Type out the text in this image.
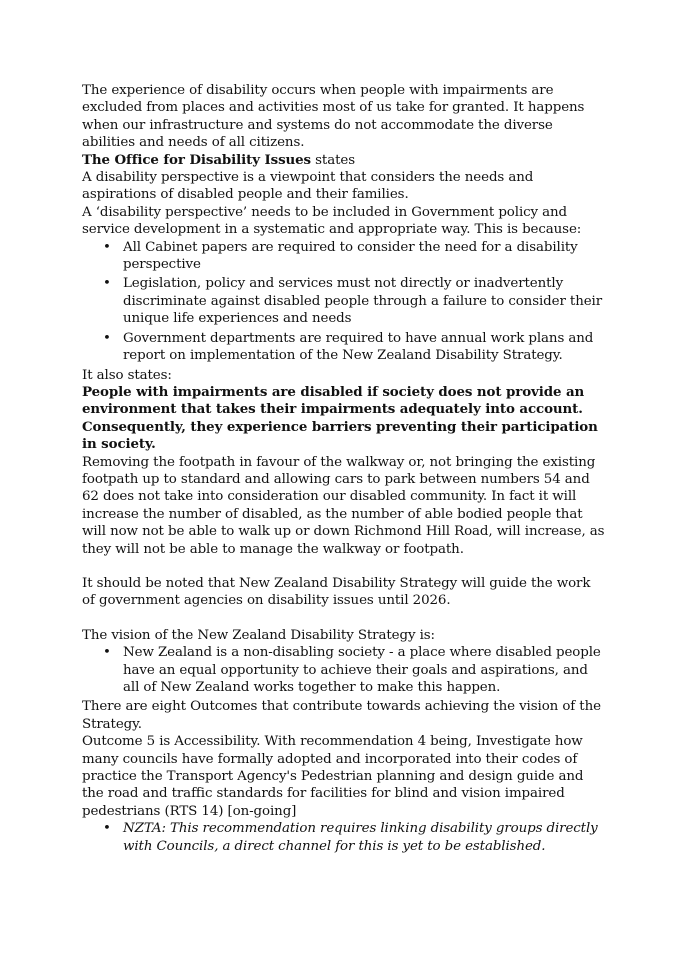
The experience of disability occurs when people with impairments are excluded from places and activities most of us take for granted. It happens when our infrastructure and systems do not accommodate the diverse abilities and needs of all citizens.

The Office for Disability Issues states

A disability perspective is a viewpoint that considers the needs and aspirations of disabled people and their families.

A ‘disability perspective’ needs to be included in Government policy and service development in a systematic and appropriate way. This is because:

• All Cabinet papers are required to consider the need for a disability perspective
• Legislation, policy and services must not directly or inadvertently discriminate against disabled people through a failure to consider their unique life experiences and needs
• Government departments are required to have annual work plans and report on implementation of the New Zealand Disability Strategy.

It also states:

People with impairments are disabled if society does not provide an environment that takes their impairments adequately into account. Consequently, they experience barriers preventing their participation in society.

Removing the footpath in favour of the walkway or, not bringing the existing footpath up to standard and allowing cars to park between numbers 54 and 62 does not take into consideration our disabled community. In fact it will increase the number of disabled, as the number of able bodied people that will now not be able to walk up or down Richmond Hill Road, will increase, as they will not be able to manage the walkway or footpath.

It should be noted that New Zealand Disability Strategy will guide the work of government agencies on disability issues until 2026.

The vision of the New Zealand Disability Strategy is:

• New Zealand is a non-disabling society - a place where disabled people have an equal opportunity to achieve their goals and aspirations, and all of New Zealand works together to make this happen.

There are eight Outcomes that contribute towards achieving the vision of the Strategy.

Outcome 5 is Accessibility. With recommendation 4 being, Investigate how many councils have formally adopted and incorporated into their codes of practice the Transport Agency's Pedestrian planning and design guide and the road and traffic standards for facilities for blind and vision impaired pedestrians (RTS 14) [on-going]

• NZTA: This recommendation requires linking disability groups directly with Councils, a direct channel for this is yet to be established.
